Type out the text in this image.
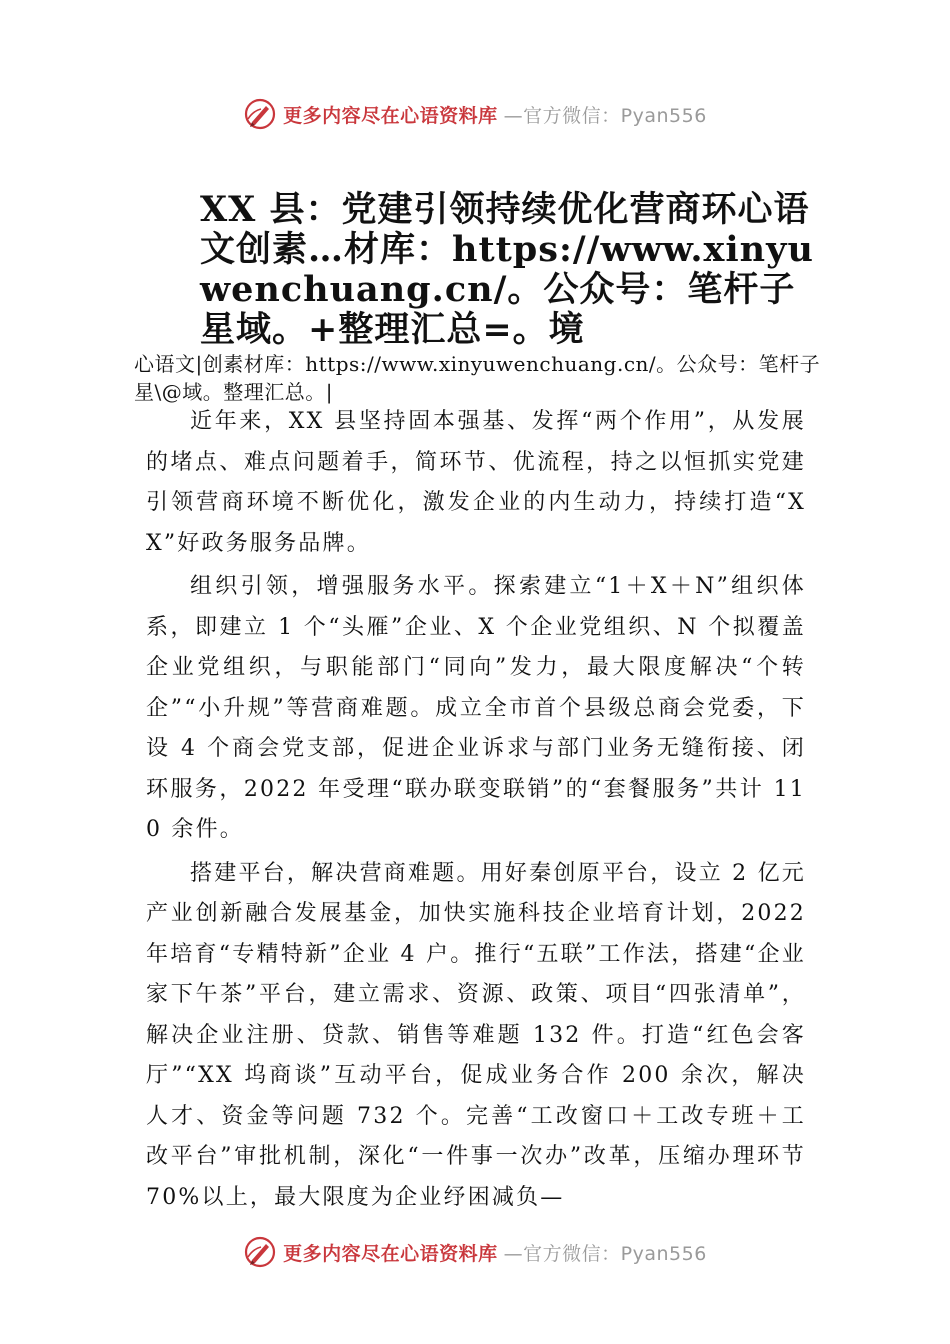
更多内容尽在心语资料库 —官方微信：Pyan556
XX 县：党建引领持续优化营商环心语文创素…材库：https://www.xinyuwenchuang.cn/。公众号：笔杆子星域。+整理汇总=。境

心语文|创素材库：https://www.xinyuwenchuang.cn/。公众号：笔杆子星\@域。整理汇总。|

近年来，XX 县坚持固本强基、发挥“两个作用”，从发展的堵点、难点问题着手，简环节、优流程，持之以恒抓实党建引领营商环境不断优化，激发企业的内生动力，持续打造“XX”好政务服务品牌。

组织引领，增强服务水平。探索建立“1＋X＋N”组织体系，即建立 1 个“头雁”企业、X 个企业党组织、N 个拟覆盖企业党组织，与职能部门“同向”发力，最大限度解决“个转企”“小升规”等营商难题。成立全市首个县级总商会党委，下设 4 个商会党支部，促进企业诉求与部门业务无缝衔接、闭环服务，2022 年受理“联办联变联销”的“套餐服务”共计 110 余件。

搭建平台，解决营商难题。用好秦创原平台，设立 2 亿元产业创新融合发展基金，加快实施科技企业培育计划，2022 年培育“专精特新”企业 4 户。推行“五联”工作法，搭建“企业家下午茶”平台，建立需求、资源、政策、项目“四张清单”，解决企业注册、贷款、销售等难题 132 件。打造“红色会客厅”“XX 坞商谈”互动平台，促成业务合作 200 余次，解决人才、资金等问题 732 个。完善“工改窗口＋工改专班＋工改平台”审批机制，深化“一件事一次办”改革，压缩办理环节 70%以上，最大限度为企业纾困减负—

更多内容尽在心语资料库 —官方微信：Pyan556
